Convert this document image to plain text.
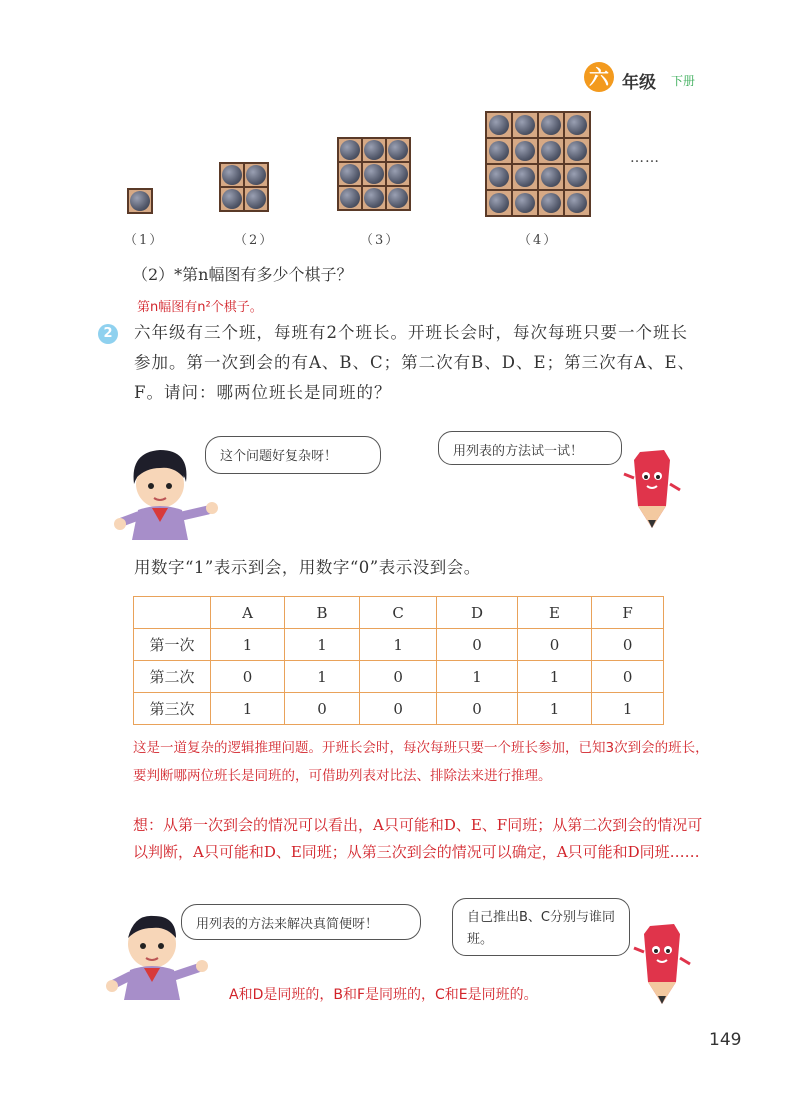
六 年级 下册
……
（1）	（2）	（3）	（4）
（2）*第n幅图有多少个棋子？
第n幅图有n²个棋子。
2	六年级有三个班，每班有2个班长。开班长会时，每次每班只要一个班长参加。第一次到会的有A、B、C；第二次有B、D、E；第三次有A、E、F。请问：哪两位班长是同班的？
这个问题好复杂呀！	用列表的方法试一试！
用数字“1”表示到会，用数字“0”表示没到会。
	A	B	C	D	E	F
第一次	1	1	1	0	0	0
第二次	0	1	0	1	1	0
第三次	1	0	0	0	1	1
这是一道复杂的逻辑推理问题。开班长会时，每次每班只要一个班长参加，已知3次到会的班长，要判断哪两位班长是同班的，可借助列表对比法、排除法来进行推理。
想：从第一次到会的情况可以看出，A只可能和D、E、F同班；从第二次到会的情况可以判断，A只可能和D、E同班；从第三次到会的情况可以确定，A只可能和D同班……
用列表的方法来解决真简便呀！	自己推出B、C分别与谁同班。
A和D是同班的，B和F是同班的，C和E是同班的。
149
